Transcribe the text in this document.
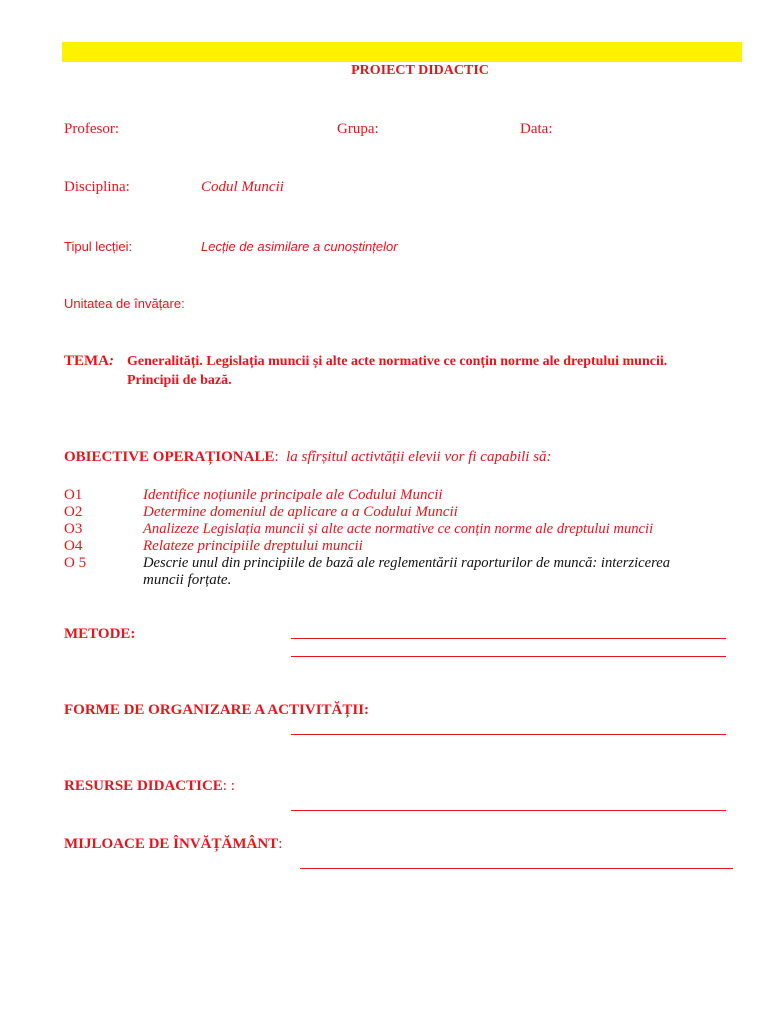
PROIECT DIDACTIC
Profesor:	Grupa:	Data:
Disciplina:	Codul Muncii
Tipul lecției:	Lecție de asimilare a cunoștințelor
Unitatea de învățare:
TEMA: Generalități. Legislația muncii și alte acte normative ce conțin norme ale dreptului muncii.
Principii de bază.
OBIECTIVE OPERAȚIONALE: la sfîrșitul activtății elevii vor fi capabili să:
O1	Identifice noțiunile principale ale Codului Muncii
O2	Determine domeniul de aplicare a a Codului Muncii
O3	Analizeze Legislația muncii și alte acte normative ce conțin norme ale dreptului muncii
O4	Relateze principiile dreptului muncii
O 5	Descrie unul din principiile de bază ale reglementării raporturilor de muncă: interzicerea
muncii forțate.
METODE:
FORME DE ORGANIZARE A ACTIVITĂȚII:
RESURSE DIDACTICE: :
MIJLOACE DE ÎNVĂȚĂMÂNT:
